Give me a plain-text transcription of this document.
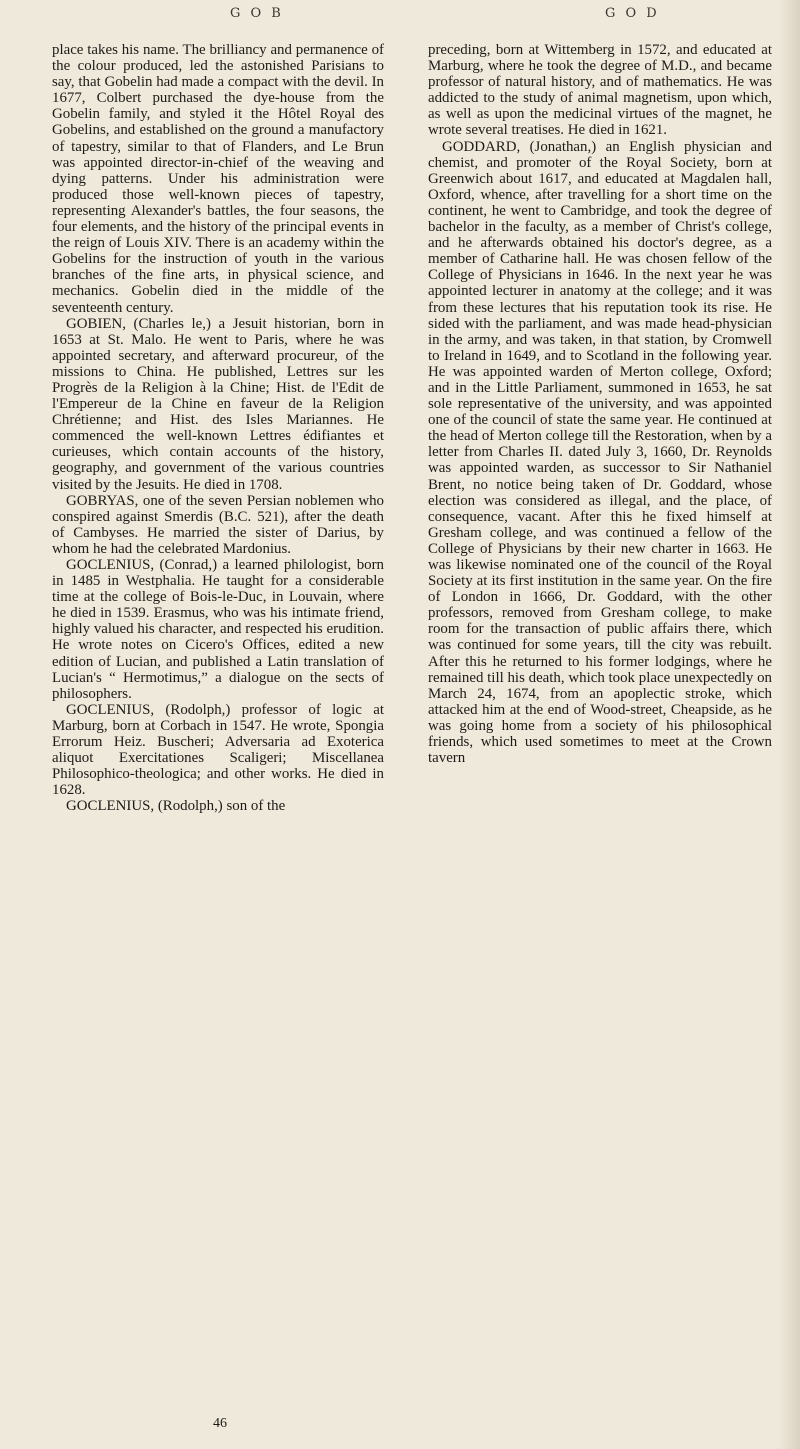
G O B	G O D

place takes his name. The brilliancy and permanence of the colour produced, led the astonished Parisians to say, that Gobelin had made a compact with the devil. In 1677, Colbert purchased the dye-house from the Gobelin family, and styled it the Hôtel Royal des Gobelins, and established on the ground a manufactory of tapestry, similar to that of Flanders, and Le Brun was appointed director-in-chief of the weaving and dying patterns. Under his administration were produced those well-known pieces of tapestry, representing Alexander's battles, the four seasons, the four elements, and the history of the principal events in the reign of Louis XIV. There is an academy within the Gobelins for the instruction of youth in the various branches of the fine arts, in physical science, and mechanics. Gobelin died in the middle of the seventeenth century.

GOBIEN, (Charles le,) a Jesuit historian, born in 1653 at St. Malo. He went to Paris, where he was appointed secretary, and afterward procureur, of the missions to China. He published, Lettres sur les Progrès de la Religion à la Chine; Hist. de l'Edit de l'Empereur de la Chine en faveur de la Religion Chrétienne; and Hist. des Isles Mariannes. He commenced the well-known Lettres édifiantes et curieuses, which contain accounts of the history, geography, and government of the various countries visited by the Jesuits. He died in 1708.

GOBRYAS, one of the seven Persian noblemen who conspired against Smerdis (B.C. 521), after the death of Cambyses. He married the sister of Darius, by whom he had the celebrated Mardonius.

GOCLENIUS, (Conrad,) a learned philologist, born in 1485 in Westphalia. He taught for a considerable time at the college of Bois-le-Duc, in Louvain, where he died in 1539. Erasmus, who was his intimate friend, highly valued his character, and respected his erudition. He wrote notes on Cicero's Offices, edited a new edition of Lucian, and published a Latin translation of Lucian's “ Hermotimus,” a dialogue on the sects of philosophers.

GOCLENIUS, (Rodolph,) professor of logic at Marburg, born at Corbach in 1547. He wrote, Spongia Errorum Heiz. Buscheri; Adversaria ad Exoterica aliquot Exercitationes Scaligeri; Miscellanea Philosophico-theologica; and other works. He died in 1628.

GOCLENIUS, (Rodolph,) son of the

preceding, born at Wittemberg in 1572, and educated at Marburg, where he took the degree of M.D., and became professor of natural history, and of mathematics. He was addicted to the study of animal magnetism, upon which, as well as upon the medicinal virtues of the magnet, he wrote several treatises. He died in 1621.

GODDARD, (Jonathan,) an English physician and chemist, and promoter of the Royal Society, born at Greenwich about 1617, and educated at Magdalen hall, Oxford, whence, after travelling for a short time on the continent, he went to Cambridge, and took the degree of bachelor in the faculty, as a member of Christ's college, and he afterwards obtained his doctor's degree, as a member of Catharine hall. He was chosen fellow of the College of Physicians in 1646. In the next year he was appointed lecturer in anatomy at the college; and it was from these lectures that his reputation took its rise. He sided with the parliament, and was made head-physician in the army, and was taken, in that station, by Cromwell to Ireland in 1649, and to Scotland in the following year. He was appointed warden of Merton college, Oxford; and in the Little Parliament, summoned in 1653, he sat sole representative of the university, and was appointed one of the council of state the same year. He continued at the head of Merton college till the Restoration, when by a letter from Charles II. dated July 3, 1660, Dr. Reynolds was appointed warden, as successor to Sir Nathaniel Brent, no notice being taken of Dr. Goddard, whose election was considered as illegal, and the place, of consequence, vacant. After this he fixed himself at Gresham college, and was continued a fellow of the College of Physicians by their new charter in 1663. He was likewise nominated one of the council of the Royal Society at its first institution in the same year. On the fire of London in 1666, Dr. Goddard, with the other professors, removed from Gresham college, to make room for the transaction of public affairs there, which was continued for some years, till the city was rebuilt. After this he returned to his former lodgings, where he remained till his death, which took place unexpectedly on March 24, 1674, from an apoplectic stroke, which attacked him at the end of Wood-street, Cheapside, as he was going home from a society of his philosophical friends, which used sometimes to meet at the Crown tavern

46
